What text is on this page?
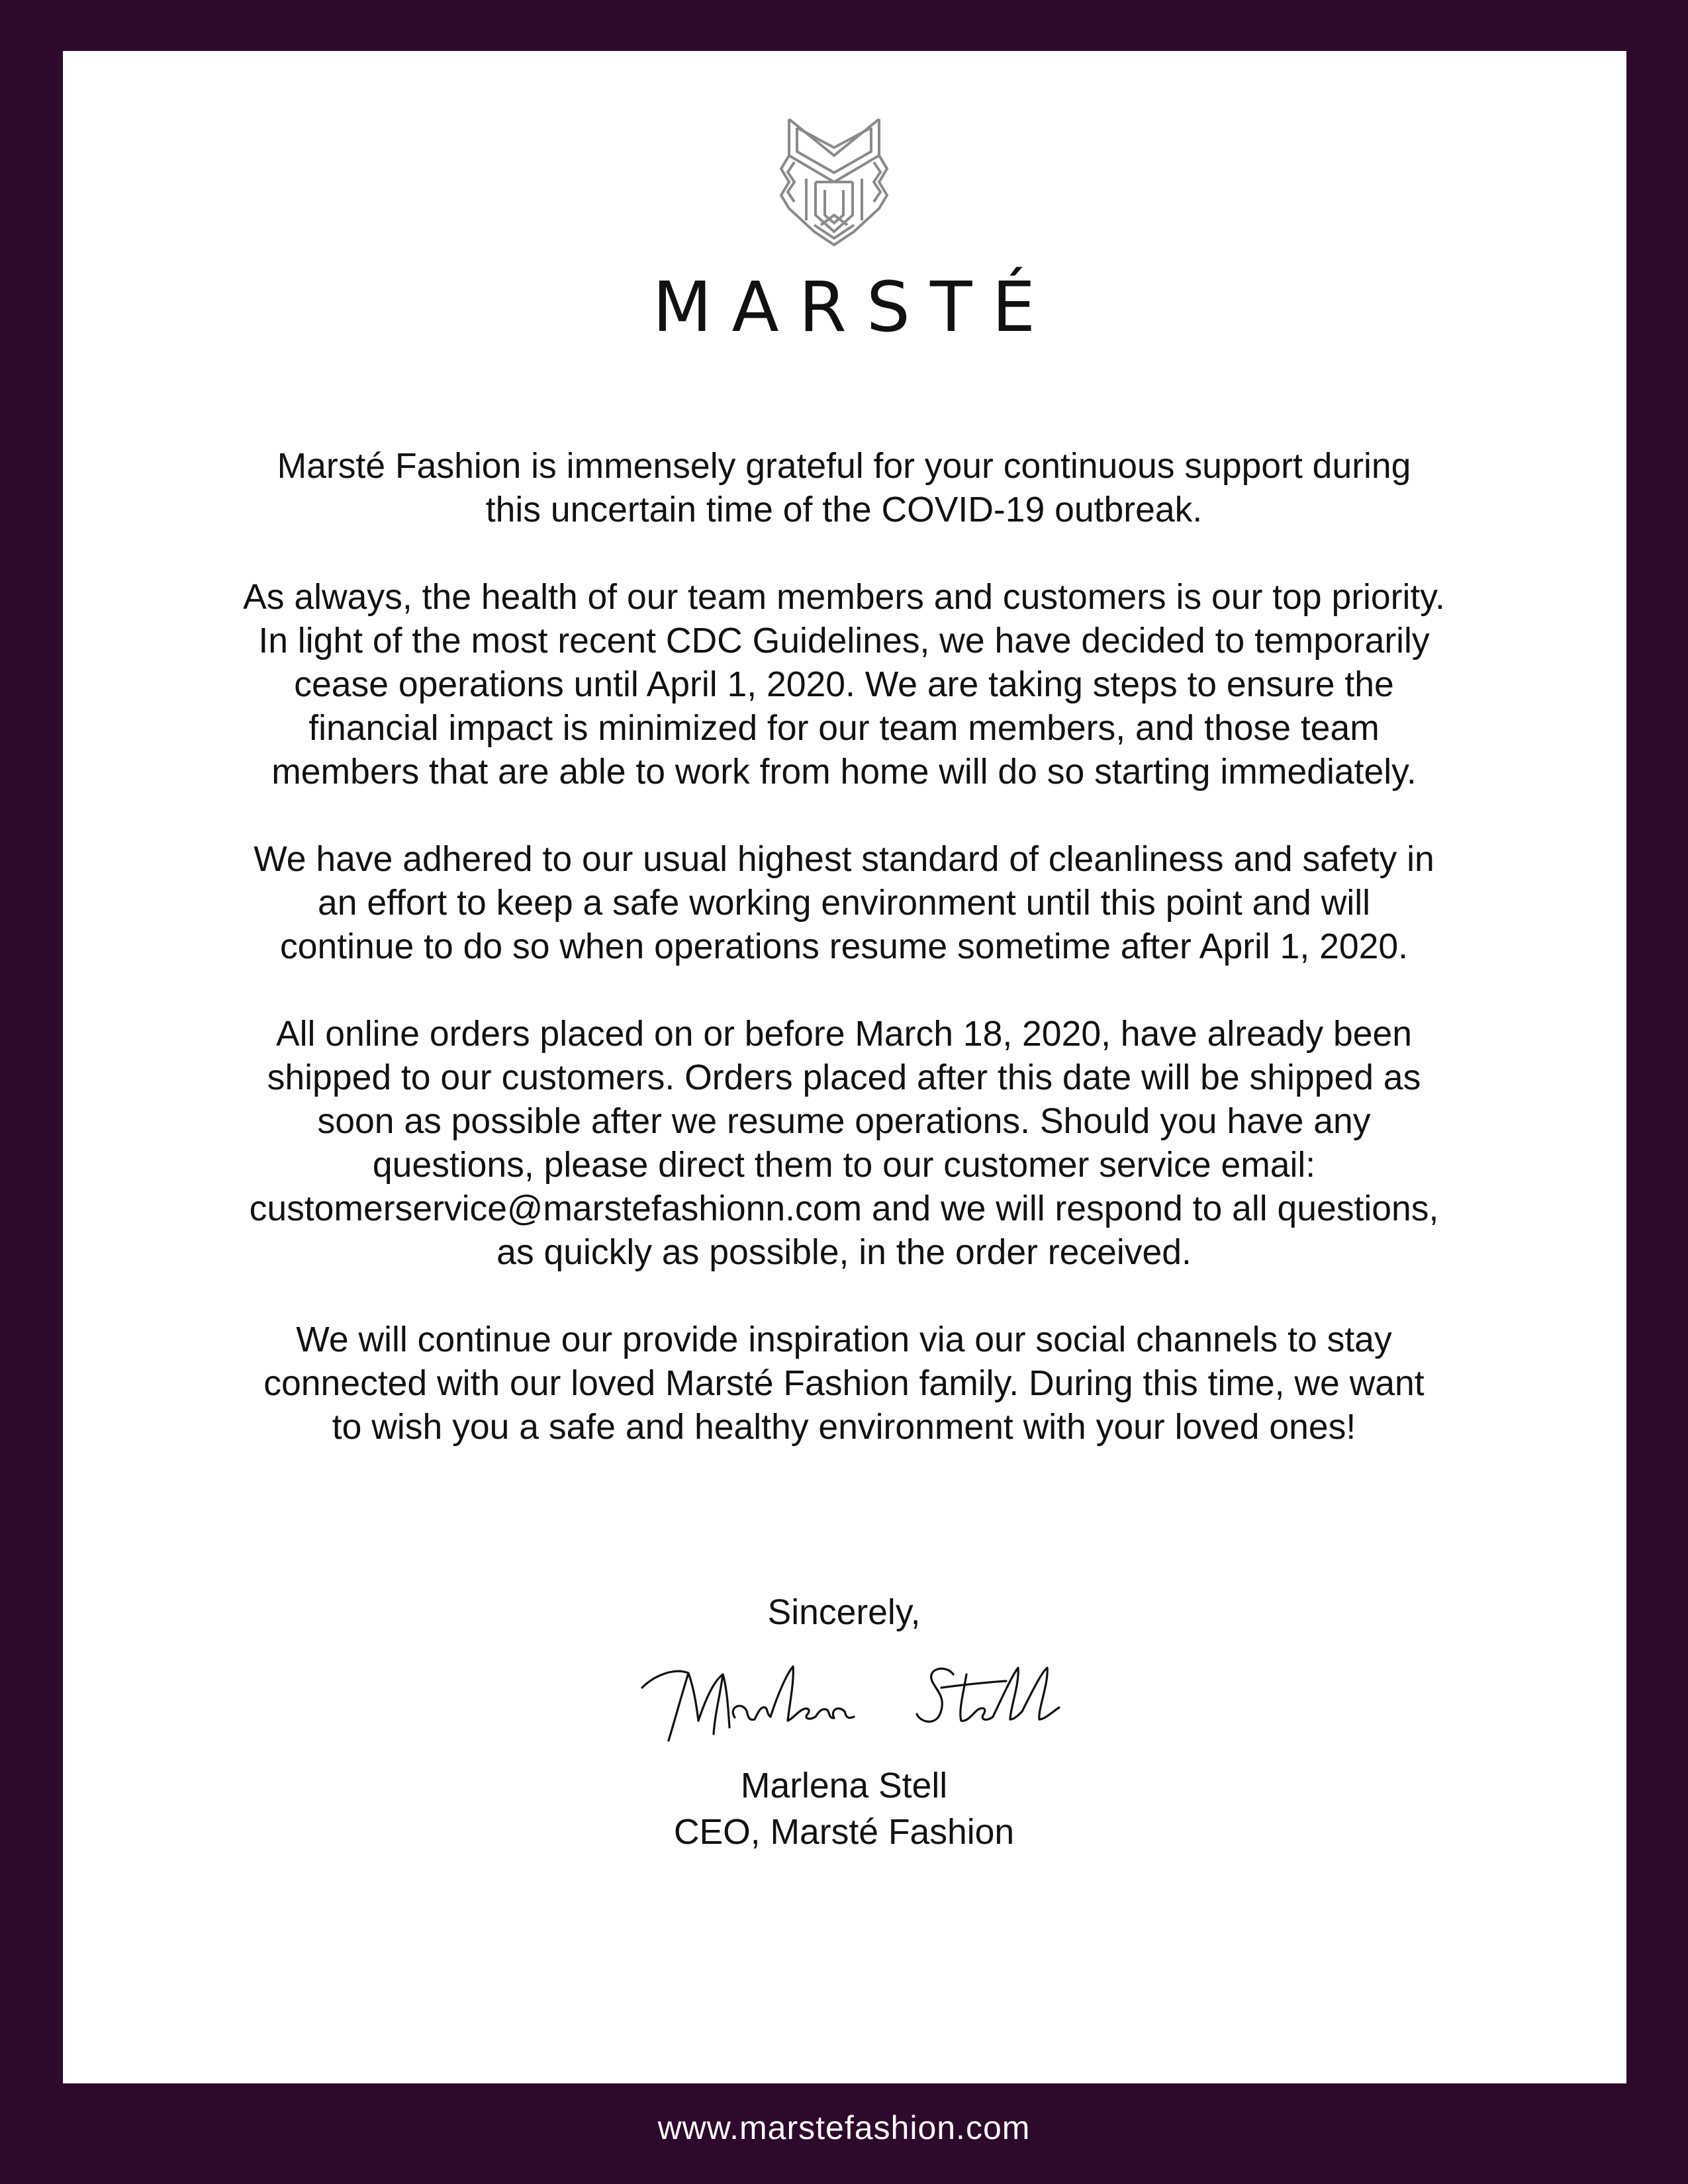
MARSTÉ

Marsté Fashion is immensely grateful for your continuous support during
this uncertain time of the COVID-19 outbreak.

As always, the health of our team members and customers is our top priority.
In light of the most recent CDC Guidelines, we have decided to temporarily
cease operations until April 1, 2020. We are taking steps to ensure the
financial impact is minimized for our team members, and those team
members that are able to work from home will do so starting immediately.

We have adhered to our usual highest standard of cleanliness and safety in
an effort to keep a safe working environment until this point and will
continue to do so when operations resume sometime after April 1, 2020.

All online orders placed on or before March 18, 2020, have already been
shipped to our customers. Orders placed after this date will be shipped as
soon as possible after we resume operations. Should you have any
questions, please direct them to our customer service email:
customerservice@marstefashionn.com and we will respond to all questions,
as quickly as possible, in the order received.

We will continue our provide inspiration via our social channels to stay
connected with our loved Marsté Fashion family. During this time, we want
to wish you a safe and healthy environment with your loved ones!

Sincerely,
Marlena Stell
CEO, Marsté Fashion
www.marstefashion.com
